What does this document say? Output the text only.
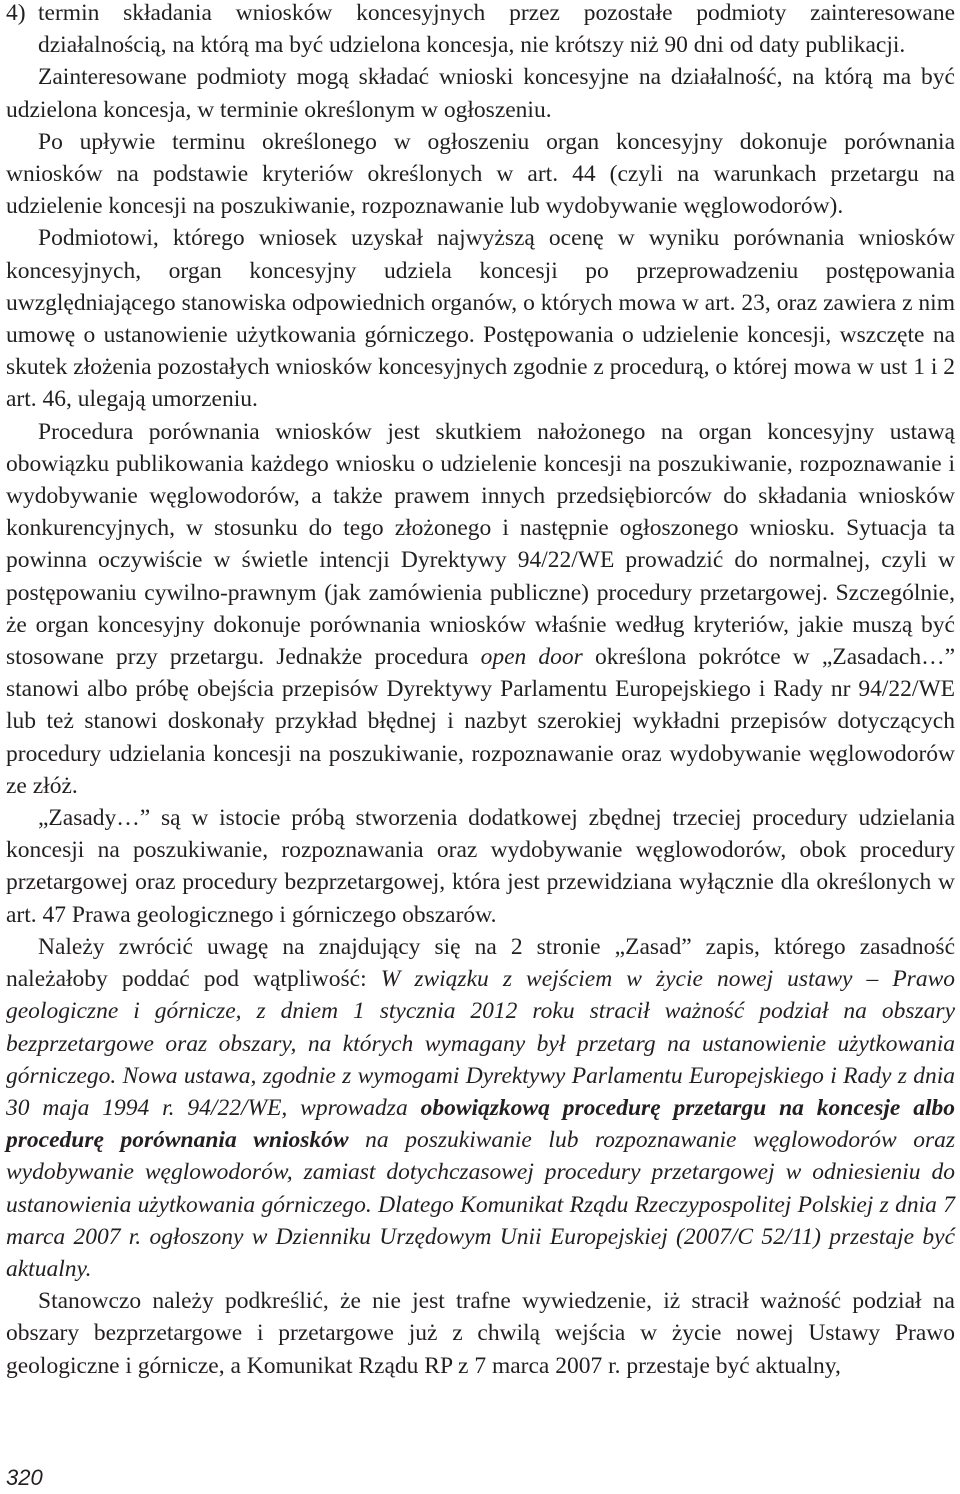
4) termin składania wniosków koncesyjnych przez pozostałe podmioty zainteresowane działalnością, na którą ma być udzielona koncesja, nie krótszy niż 90 dni od daty publikacji.

Zainteresowane podmioty mogą składać wnioski koncesyjne na działalność, na którą ma być udzielona koncesja, w terminie określonym w ogłoszeniu.

Po upływie terminu określonego w ogłoszeniu organ koncesyjny dokonuje porównania wniosków na podstawie kryteriów określonych w art. 44 (czyli na warunkach przetargu na udzielenie koncesji na poszukiwanie, rozpoznawanie lub wydobywanie węglowodorów).

Podmiotowi, którego wniosek uzyskał najwyższą ocenę w wyniku porównania wniosków koncesyjnych, organ koncesyjny udziela koncesji po przeprowadzeniu postępowania uwzględniającego stanowiska odpowiednich organów, o których mowa w art. 23, oraz zawiera z nim umowę o ustanowienie użytkowania górniczego. Postępowania o udzielenie koncesji, wszczęte na skutek złożenia pozostałych wniosków koncesyjnych zgodnie z procedurą, o której mowa w ust 1 i 2 art. 46, ulegają umorzeniu.

Procedura porównania wniosków jest skutkiem nałożonego na organ koncesyjny ustawą obowiązku publikowania każdego wniosku o udzielenie koncesji na poszukiwanie, rozpoznawanie i wydobywanie węglowodorów, a także prawem innych przedsiębiorców do składania wniosków konkurencyjnych, w stosunku do tego złożonego i następnie ogłoszonego wniosku. Sytuacja ta powinna oczywiście w świetle intencji Dyrektywy 94/22/WE prowadzić do normalnej, czyli w postępowaniu cywilno-prawnym (jak zamówienia publiczne) procedury przetargowej. Szczególnie, że organ koncesyjny dokonuje porównania wniosków właśnie według kryteriów, jakie muszą być stosowane przy przetargu. Jednakże procedura open door określona pokrótce w „Zasadach…” stanowi albo próbę obejścia przepisów Dyrektywy Parlamentu Europejskiego i Rady nr 94/22/WE lub też stanowi doskonały przykład błędnej i nazbyt szerokiej wykładni przepisów dotyczących procedury udzielania koncesji na poszukiwanie, rozpoznawanie oraz wydobywanie węglowodorów ze złóż.

„Zasady…” są w istocie próbą stworzenia dodatkowej zbędnej trzeciej procedury udzielania koncesji na poszukiwanie, rozpoznawania oraz wydobywanie węglowodorów, obok procedury przetargowej oraz procedury bezprzetargowej, która jest przewidziana wyłącznie dla określonych w art. 47 Prawa geologicznego i górniczego obszarów.

Należy zwrócić uwagę na znajdujący się na 2 stronie „Zasad” zapis, którego zasadność należałoby poddać pod wątpliwość: W związku z wejściem w życie nowej ustawy – Prawo geologiczne i górnicze, z dniem 1 stycznia 2012 roku stracił ważność podział na obszary bezprzetargowe oraz obszary, na których wymagany był przetarg na ustanowienie użytkowania górniczego. Nowa ustawa, zgodnie z wymogami Dyrektywy Parlamentu Europejskiego i Rady z dnia 30 maja 1994 r. 94/22/WE, wprowadza obowiązkową procedurę przetargu na koncesje albo procedurę porównania wniosków na poszukiwanie lub rozpoznawanie węglowodorów oraz wydobywanie węglowodorów, zamiast dotychczasowej procedury przetargowej w odniesieniu do ustanowienia użytkowania górniczego. Dlatego Komunikat Rządu Rzeczypospolitej Polskiej z dnia 7 marca 2007 r. ogłoszony w Dzienniku Urzędowym Unii Europejskiej (2007/C 52/11) przestaje być aktualny.

Stanowczo należy podkreślić, że nie jest trafne wywiedzenie, iż stracił ważność podział na obszary bezprzetargowe i przetargowe już z chwilą wejścia w życie nowej Ustawy Prawo geologiczne i górnicze, a Komunikat Rządu RP z 7 marca 2007 r. przestaje być aktualny,

320
